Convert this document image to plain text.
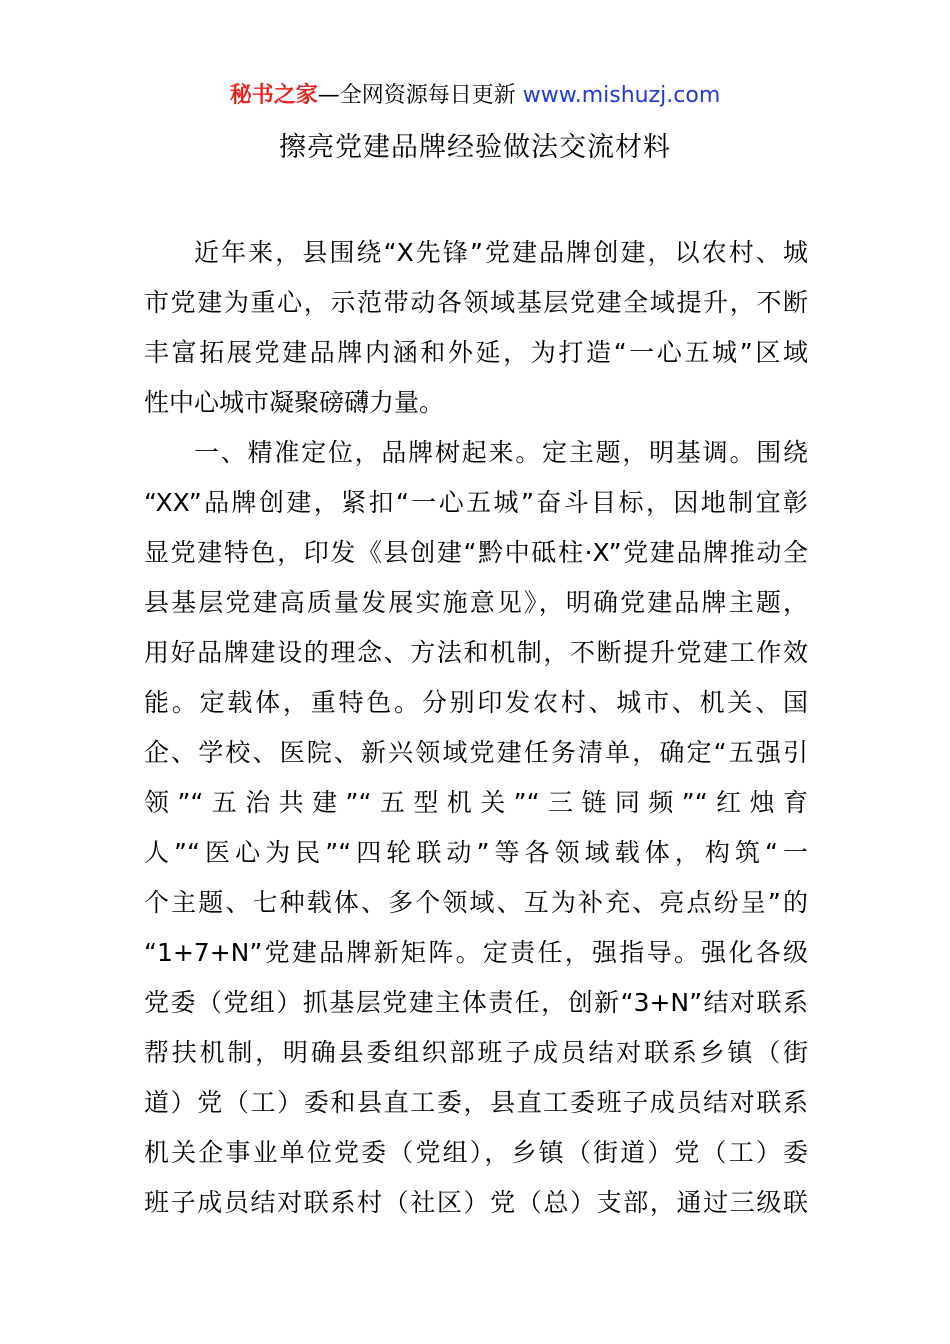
秘书之家—全网资源每日更新 www.mishuzj.com
擦亮党建品牌经验做法交流材料
近年来，县围绕“X先锋”党建品牌创建，以农村、城
市党建为重心，示范带动各领域基层党建全域提升，不断
丰富拓展党建品牌内涵和外延，为打造“一心五城”区域
性中心城市凝聚磅礴力量。
一、精准定位，品牌树起来。定主题，明基调。围绕
“XX”品牌创建，紧扣“一心五城”奋斗目标，因地制宜彰
显党建特色，印发《县创建“黔中砥柱·X”党建品牌推动全
县基层党建高质量发展实施意见》，明确党建品牌主题，
用好品牌建设的理念、方法和机制，不断提升党建工作效
能。定载体，重特色。分别印发农村、城市、机关、国
企、学校、医院、新兴领域党建任务清单，确定“五强引
领”“五治共建”“五型机关”“三链同频”“红烛育
人”“医心为民”“四轮联动”等各领域载体，构筑“一
个主题、七种载体、多个领域、互为补充、亮点纷呈”的
“1+7+N”党建品牌新矩阵。定责任，强指导。强化各级
党委（党组）抓基层党建主体责任，创新“3+N”结对联系
帮扶机制，明确县委组织部班子成员结对联系乡镇（街
道）党（工）委和县直工委，县直工委班子成员结对联系
机关企事业单位党委（党组），乡镇（街道）党（工）委
班子成员结对联系村（社区）党（总）支部，通过三级联
